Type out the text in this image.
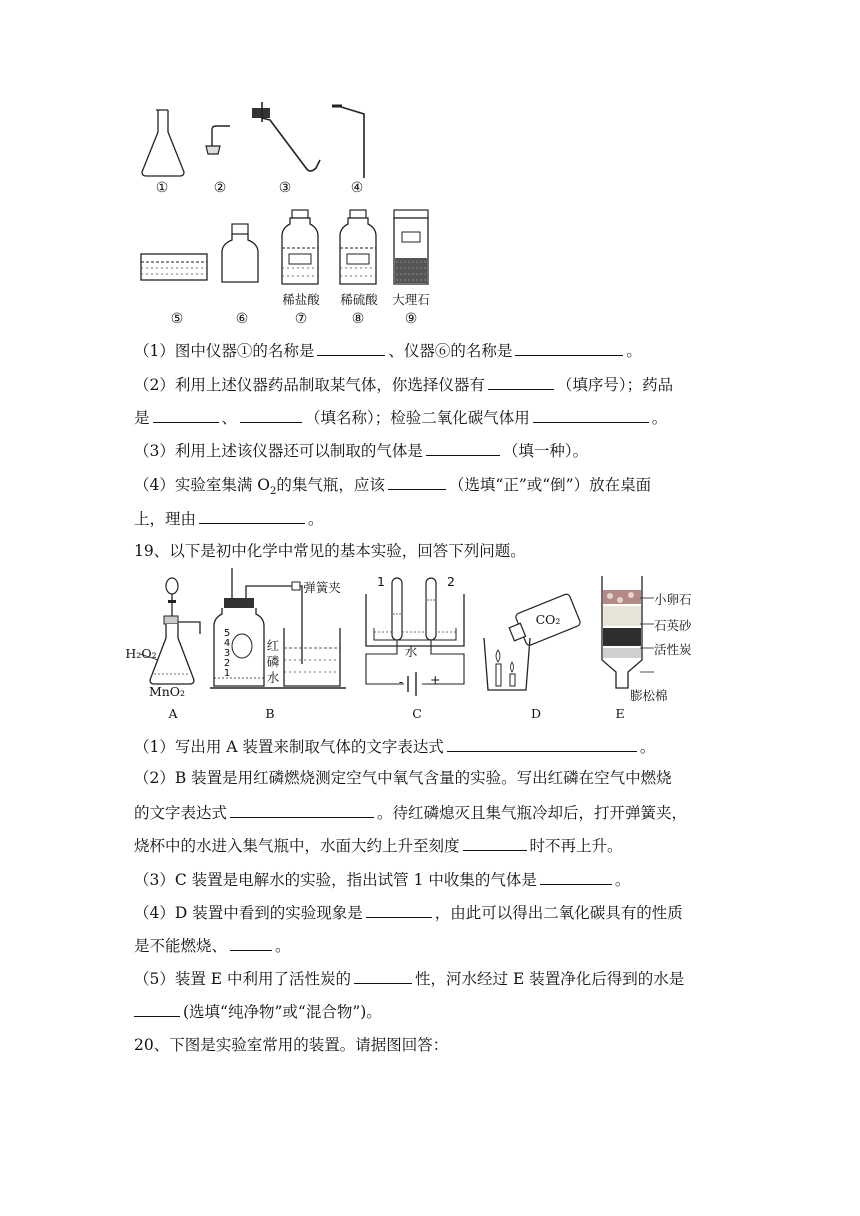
①	②	③	④
稀盐酸	稀硫酸	大理石
⑤	⑥	⑦	⑧	⑨
（1）图中仪器①的名称是	、仪器⑥的名称是	。
（2）利用上述仪器药品制取某气体，你选择仪器有	（填序号）；药品
是	、	（填名称）；检验二氧化碳气体用	。
（3）利用上述该仪器还可以制取的气体是	（填一种）。
（4）实验室集满 $O_2$的集气瓶，应该	（选填“正”或“倒”）放在桌面
上，理由	。
19、以下是初中化学中常见的基本实验，回答下列问题。
H₂O₂
MnO₂
弹簧夹
5
4
3
2
1
红
磷
水
1	2
水
- +
CO₂
小卵石
石英砂
活性炭
膨松棉
A	B	C	D	E
（1）写出用 A 装置来制取气体的文字表达式	。
（2）B 装置是用红磷燃烧测定空气中氧气含量的实验。写出红磷在空气中燃烧
的文字表达式	。待红磷熄灭且集气瓶冷却后，打开弹簧夹，
烧杯中的水进入集气瓶中，水面大约上升至刻度	时不再上升。
（3）C 装置是电解水的实验，指出试管 1 中收集的气体是	。
（4）D 装置中看到的实验现象是	，由此可以得出二氧化碳具有的性质
是不能燃烧、	。
（5）装置 E 中利用了活性炭的	性，河水经过 E 装置净化后得到的水是
(选填“纯净物”或“混合物”)。
20、下图是实验室常用的装置。请据图回答：
